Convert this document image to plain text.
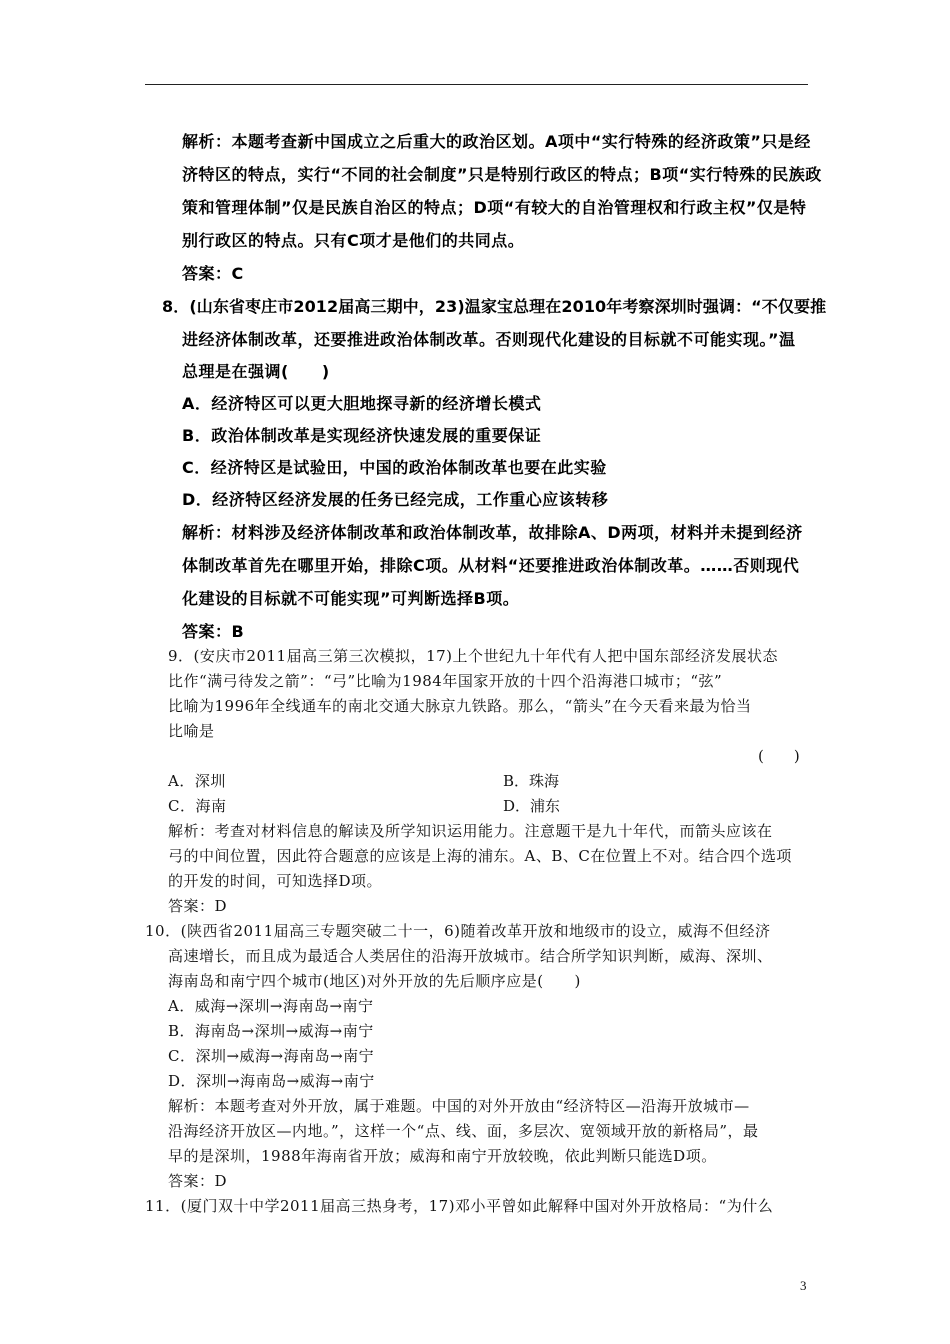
解析：本题考查新中国成立之后重大的政治区划。A项中“实行特殊的经济政策”只是经
济特区的特点，实行“不同的社会制度”只是特别行政区的特点；B项“实行特殊的民族政
策和管理体制”仅是民族自治区的特点；D项“有较大的自治管理权和行政主权”仅是特
别行政区的特点。只有C项才是他们的共同点。
答案：C
8．(山东省枣庄市2012届高三期中，23)温家宝总理在2010年考察深圳时强调：“不仅要推
进经济体制改革，还要推进政治体制改革。否则现代化建设的目标就不可能实现。”温
总理是在强调(　　)
A．经济特区可以更大胆地探寻新的经济增长模式
B．政治体制改革是实现经济快速发展的重要保证
C．经济特区是试验田，中国的政治体制改革也要在此实验
D．经济特区经济发展的任务已经完成，工作重心应该转移
解析：材料涉及经济体制改革和政治体制改革，故排除A、D两项，材料并未提到经济
体制改革首先在哪里开始，排除C项。从材料“还要推进政治体制改革。……否则现代
化建设的目标就不可能实现”可判断选择B项。
答案：B
9．(安庆市2011届高三第三次模拟，17)上个世纪九十年代有人把中国东部经济发展状态
比作“满弓待发之箭”：“弓”比喻为1984年国家开放的十四个沿海港口城市；“弦”
比喻为1996年全线通车的南北交通大脉京九铁路。那么，“箭头”在今天看来最为恰当
比喻是
(　　)
A．深圳	B．珠海
C．海南	D．浦东
解析：考查对材料信息的解读及所学知识运用能力。注意题干是九十年代，而箭头应该在
弓的中间位置，因此符合题意的应该是上海的浦东。A、B、C在位置上不对。结合四个选项
的开发的时间，可知选择D项。
答案：D
10．(陕西省2011届高三专题突破二十一，6)随着改革开放和地级市的设立，威海不但经济
高速增长，而且成为最适合人类居住的沿海开放城市。结合所学知识判断，威海、深圳、
海南岛和南宁四个城市(地区)对外开放的先后顺序应是(　　)
A．威海→深圳→海南岛→南宁
B．海南岛→深圳→威海→南宁
C．深圳→威海→海南岛→南宁
D．深圳→海南岛→威海→南宁
解析：本题考查对外开放，属于难题。中国的对外开放由“经济特区—沿海开放城市—
沿海经济开放区—内地。”，这样一个“点、线、面，多层次、宽领域开放的新格局”，最
早的是深圳，1988年海南省开放；威海和南宁开放较晚，依此判断只能选D项。
答案：D
11．(厦门双十中学2011届高三热身考，17)邓小平曾如此解释中国对外开放格局：“为什么
3
